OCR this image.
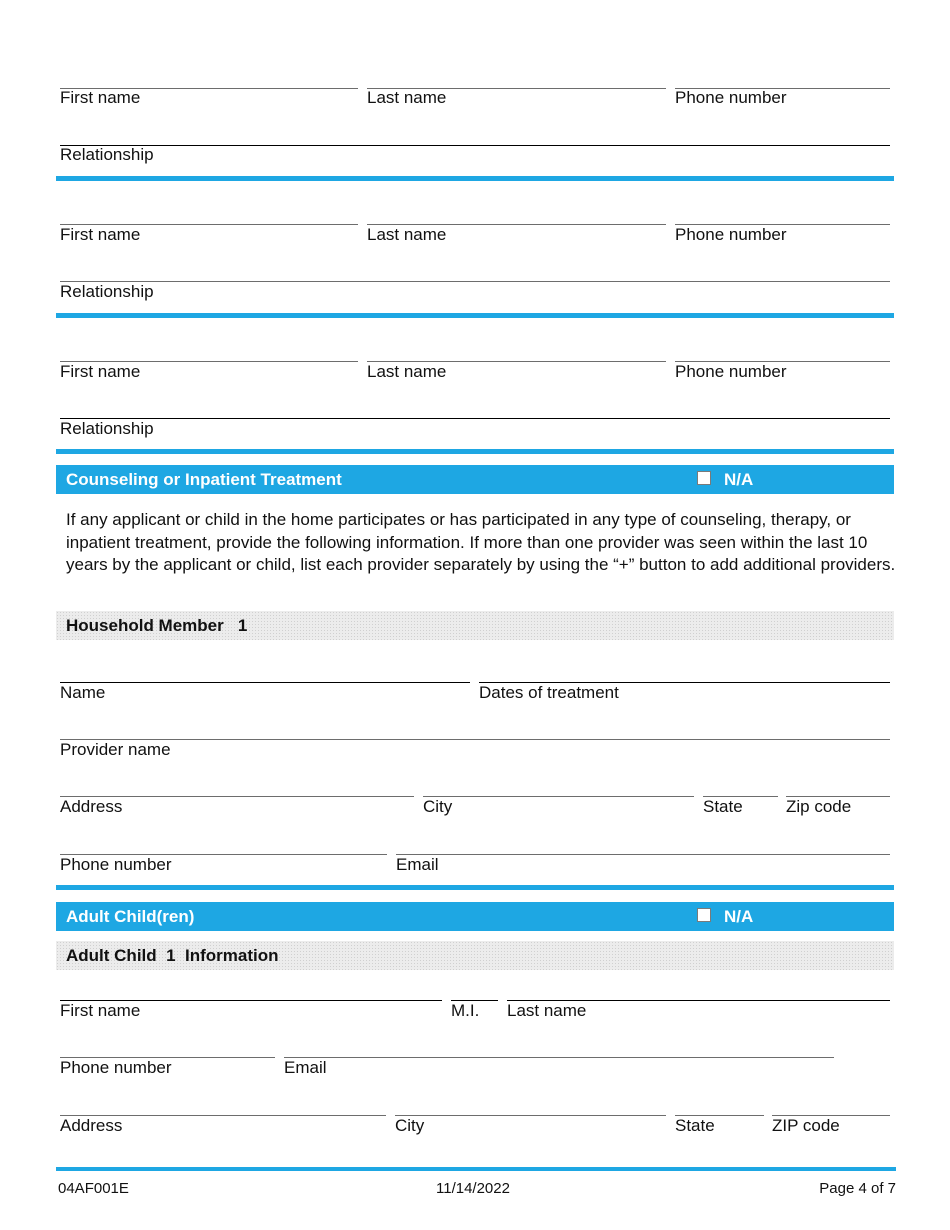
First name	Last name	Phone number
Relationship
First name	Last name	Phone number
Relationship
First name	Last name	Phone number
Relationship
Counseling or Inpatient Treatment	N/A
If any applicant or child in the home participates or has participated in any type of counseling, therapy, or inpatient treatment, provide the following information. If more than one provider was seen within the last 10 years by the applicant or child, list each provider separately by using the “+” button to add additional providers.
Household Member   1
Name	Dates of treatment
Provider name
Address	City	State	Zip code
Phone number	Email
Adult Child(ren)	N/A
Adult Child  1  Information
First name	M.I. Last name
Phone number	Email
Address	City	State	ZIP code
04AF001E	11/14/2022	Page 4 of 7
